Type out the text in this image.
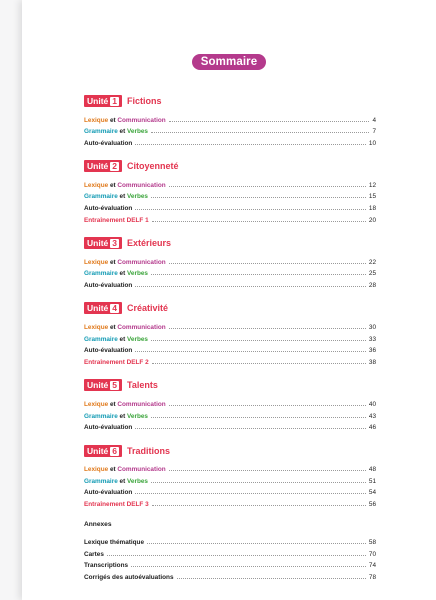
Sommaire
Unité 1	Fictions
Lexique et Communication	4
Grammaire et Verbes	7
Auto-évaluation	10
Unité 2	Citoyenneté
Lexique et Communication	12
Grammaire et Verbes	15
Auto-évaluation	18
Entraînement DELF 1	20
Unité 3	Extérieurs
Lexique et Communication	22
Grammaire et Verbes	25
Auto-évaluation	28
Unité 4	Créativité
Lexique et Communication	30
Grammaire et Verbes	33
Auto-évaluation	36
Entraînement DELF 2	38
Unité 5	Talents
Lexique et Communication	40
Grammaire et Verbes	43
Auto-évaluation	46
Unité 6	Traditions
Lexique et Communication	48
Grammaire et Verbes	51
Auto-évaluation	54
Entraînement DELF 3	56
Annexes
Lexique thématique	58
Cartes	70
Transcriptions	74
Corrigés des autoévaluations	78
